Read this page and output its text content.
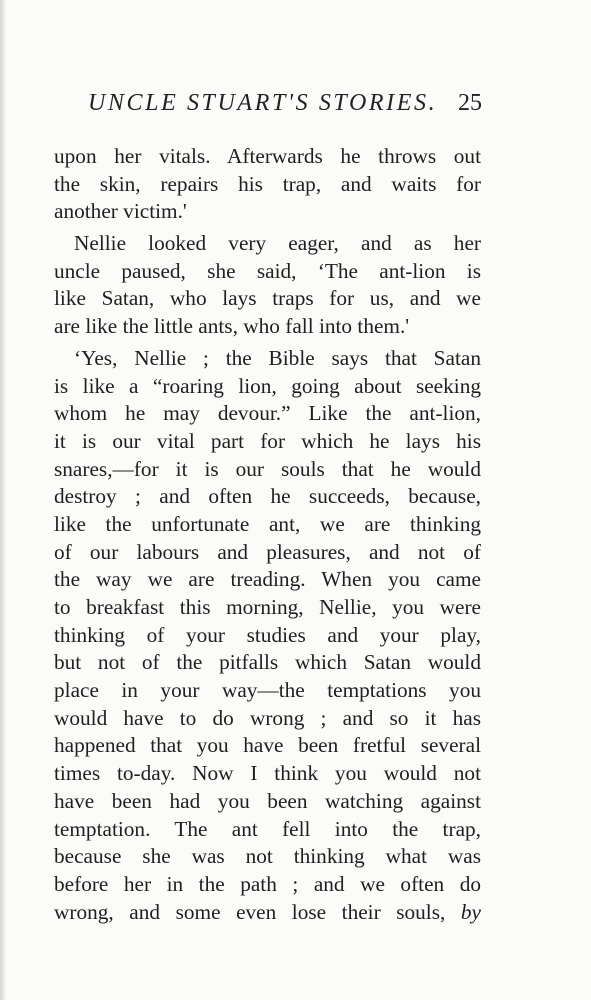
UNCLE STUART'S STORIES. 25
upon her vitals. Afterwards he throws out
the skin, repairs his trap, and waits for
another victim.'
Nellie looked very eager, and as her
uncle paused, she said, ‘The ant-lion is
like Satan, who lays traps for us, and we
are like the little ants, who fall into them.'
‘Yes, Nellie ; the Bible says that Satan
is like a “roaring lion, going about seeking
whom he may devour.” Like the ant-lion,
it is our vital part for which he lays his
snares,—for it is our souls that he would
destroy ; and often he succeeds, because,
like the unfortunate ant, we are thinking
of our labours and pleasures, and not of
the way we are treading. When you came
to breakfast this morning, Nellie, you were
thinking of your studies and your play,
but not of the pitfalls which Satan would
place in your way—the temptations you
would have to do wrong ; and so it has
happened that you have been fretful several
times to-day. Now I think you would not
have been had you been watching against
temptation. The ant fell into the trap,
because she was not thinking what was
before her in the path ; and we often do
wrong, and some even lose their souls, by
